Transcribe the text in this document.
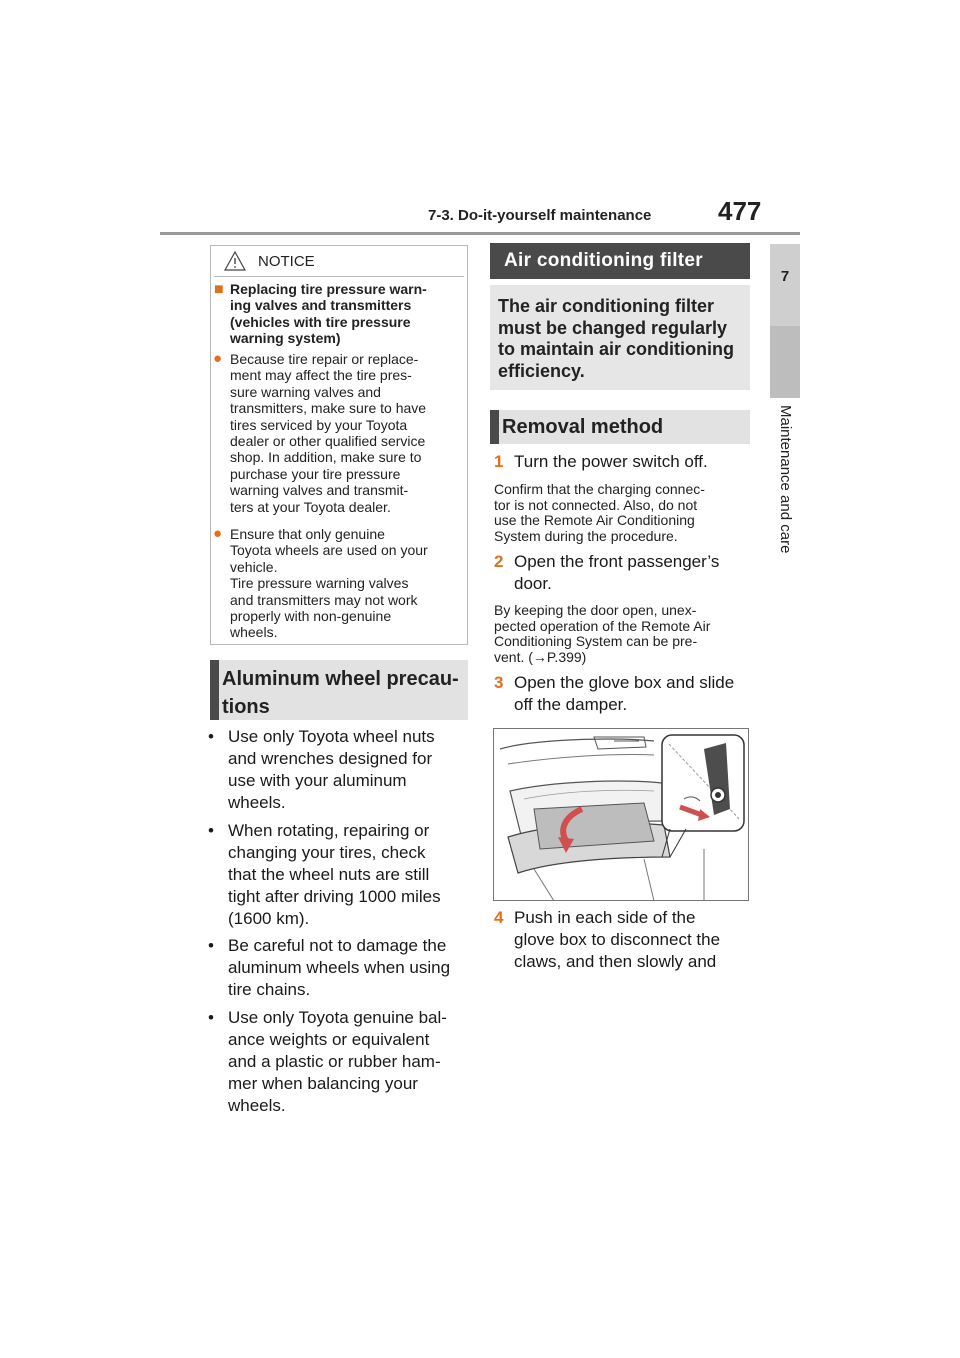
7-3. Do-it-yourself maintenance	477
7
Maintenance and care
NOTICE
■ Replacing tire pressure warn-
ing valves and transmitters
(vehicles with tire pressure
warning system)
● Because tire repair or replace-
ment may affect the tire pres-
sure warning valves and
transmitters, make sure to have
tires serviced by your Toyota
dealer or other qualified service
shop. In addition, make sure to
purchase your tire pressure
warning valves and transmit-
ters at your Toyota dealer.
● Ensure that only genuine
Toyota wheels are used on your
vehicle.
Tire pressure warning valves
and transmitters may not work
properly with non-genuine
wheels.
Aluminum wheel precau-
tions
• Use only Toyota wheel nuts
and wrenches designed for
use with your aluminum
wheels.
• When rotating, repairing or
changing your tires, check
that the wheel nuts are still
tight after driving 1000 miles
(1600 km).
• Be careful not to damage the
aluminum wheels when using
tire chains.
• Use only Toyota genuine bal-
ance weights or equivalent
and a plastic or rubber ham-
mer when balancing your
wheels.
Air conditioning filter
The air conditioning filter
must be changed regularly
to maintain air conditioning
efficiency.
Removal method
1 Turn the power switch off.
Confirm that the charging connec-
tor is not connected. Also, do not
use the Remote Air Conditioning
System during the procedure.
2 Open the front passenger’s
door.
By keeping the door open, unex-
pected operation of the Remote Air
Conditioning System can be pre-
vent. (→P.399)
3 Open the glove box and slide
off the damper.
4 Push in each side of the
glove box to disconnect the
claws, and then slowly and
